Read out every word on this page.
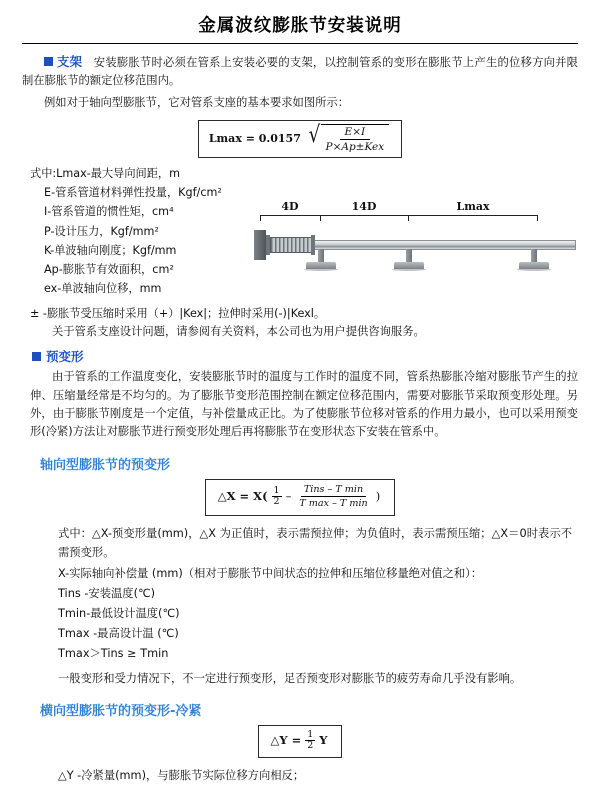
金属波纹膨胀节安装说明

支架 安装膨胀节时必须在管系上安装必要的支架，以控制管系的变形在膨胀节上产生的位移方向并限制在膨胀节的额定位移范围内。

例如对于轴向型膨胀节，它对管系支座的基本要求如图所示：

Lmax = 0.0157 √ $\frac{E\times I}{\text{P×Ap±Kex}}$
式中:Lmax-最大导向间距，m
E-管系管道材料弹性投量，Kgf/cm²
I-管系管道的惯性矩，cm⁴
P-设计压力，Kgf/mm²
K-单波轴向刚度；Kgf/mm
Ap-膨胀节有效面积，cm²
ex-单波轴向位移，mm
4D	14D	Lmax
± -膨胀节受压缩时采用（+）|Kex|；拉伸时采用(-)|Kexl。

关于管系支座设计问题，请参阅有关资料，本公司也为用户提供咨询服务。

预变形

由于管系的工作温度变化，安装膨胀节时的温度与工作时的温度不同，管系热膨胀冷缩对膨胀节产生的拉伸、压缩量经常是不均匀的。为了膨胀节变形范围控制在额定位移范围内，需要对膨胀节采取预变形处理。另外，由于膨胀节刚度是一个定值，与补偿量成正比。为了使膨胀节位移对管系的作用力最小，也可以采用预变形(冷紧)方法让对膨胀节进行预变形处理后再将膨胀节在变形状态下安装在管系中。

轴向型膨胀节的预变形
△X = X( 1
2 –
Tins – T min
T max – T min )

式中：△X-预变形量(mm)，△X 为正值时，表示需预拉伸；为负值时，表示需预压缩；△X＝0时表示不需预变形。

X-实际轴向补偿量 (mm)（相对于膨胀节中间状态的拉伸和压缩位移量绝对值之和）：
Tins -安装温度(℃)
Tmin-最低设计温度(℃)
Tmax -最高设计温 (℃)
Tmax＞Tins ≥ Tmin

一般变形和受力情况下，不一定进行预变形，足否预变形对膨胀节的疲劳寿命几乎没有影响。

横向型膨胀节的预变形-冷紧
△Y = $\frac{1}{2}$ Y

△Y -冷紧量(mm)，与膨胀节实际位移方向相反；
